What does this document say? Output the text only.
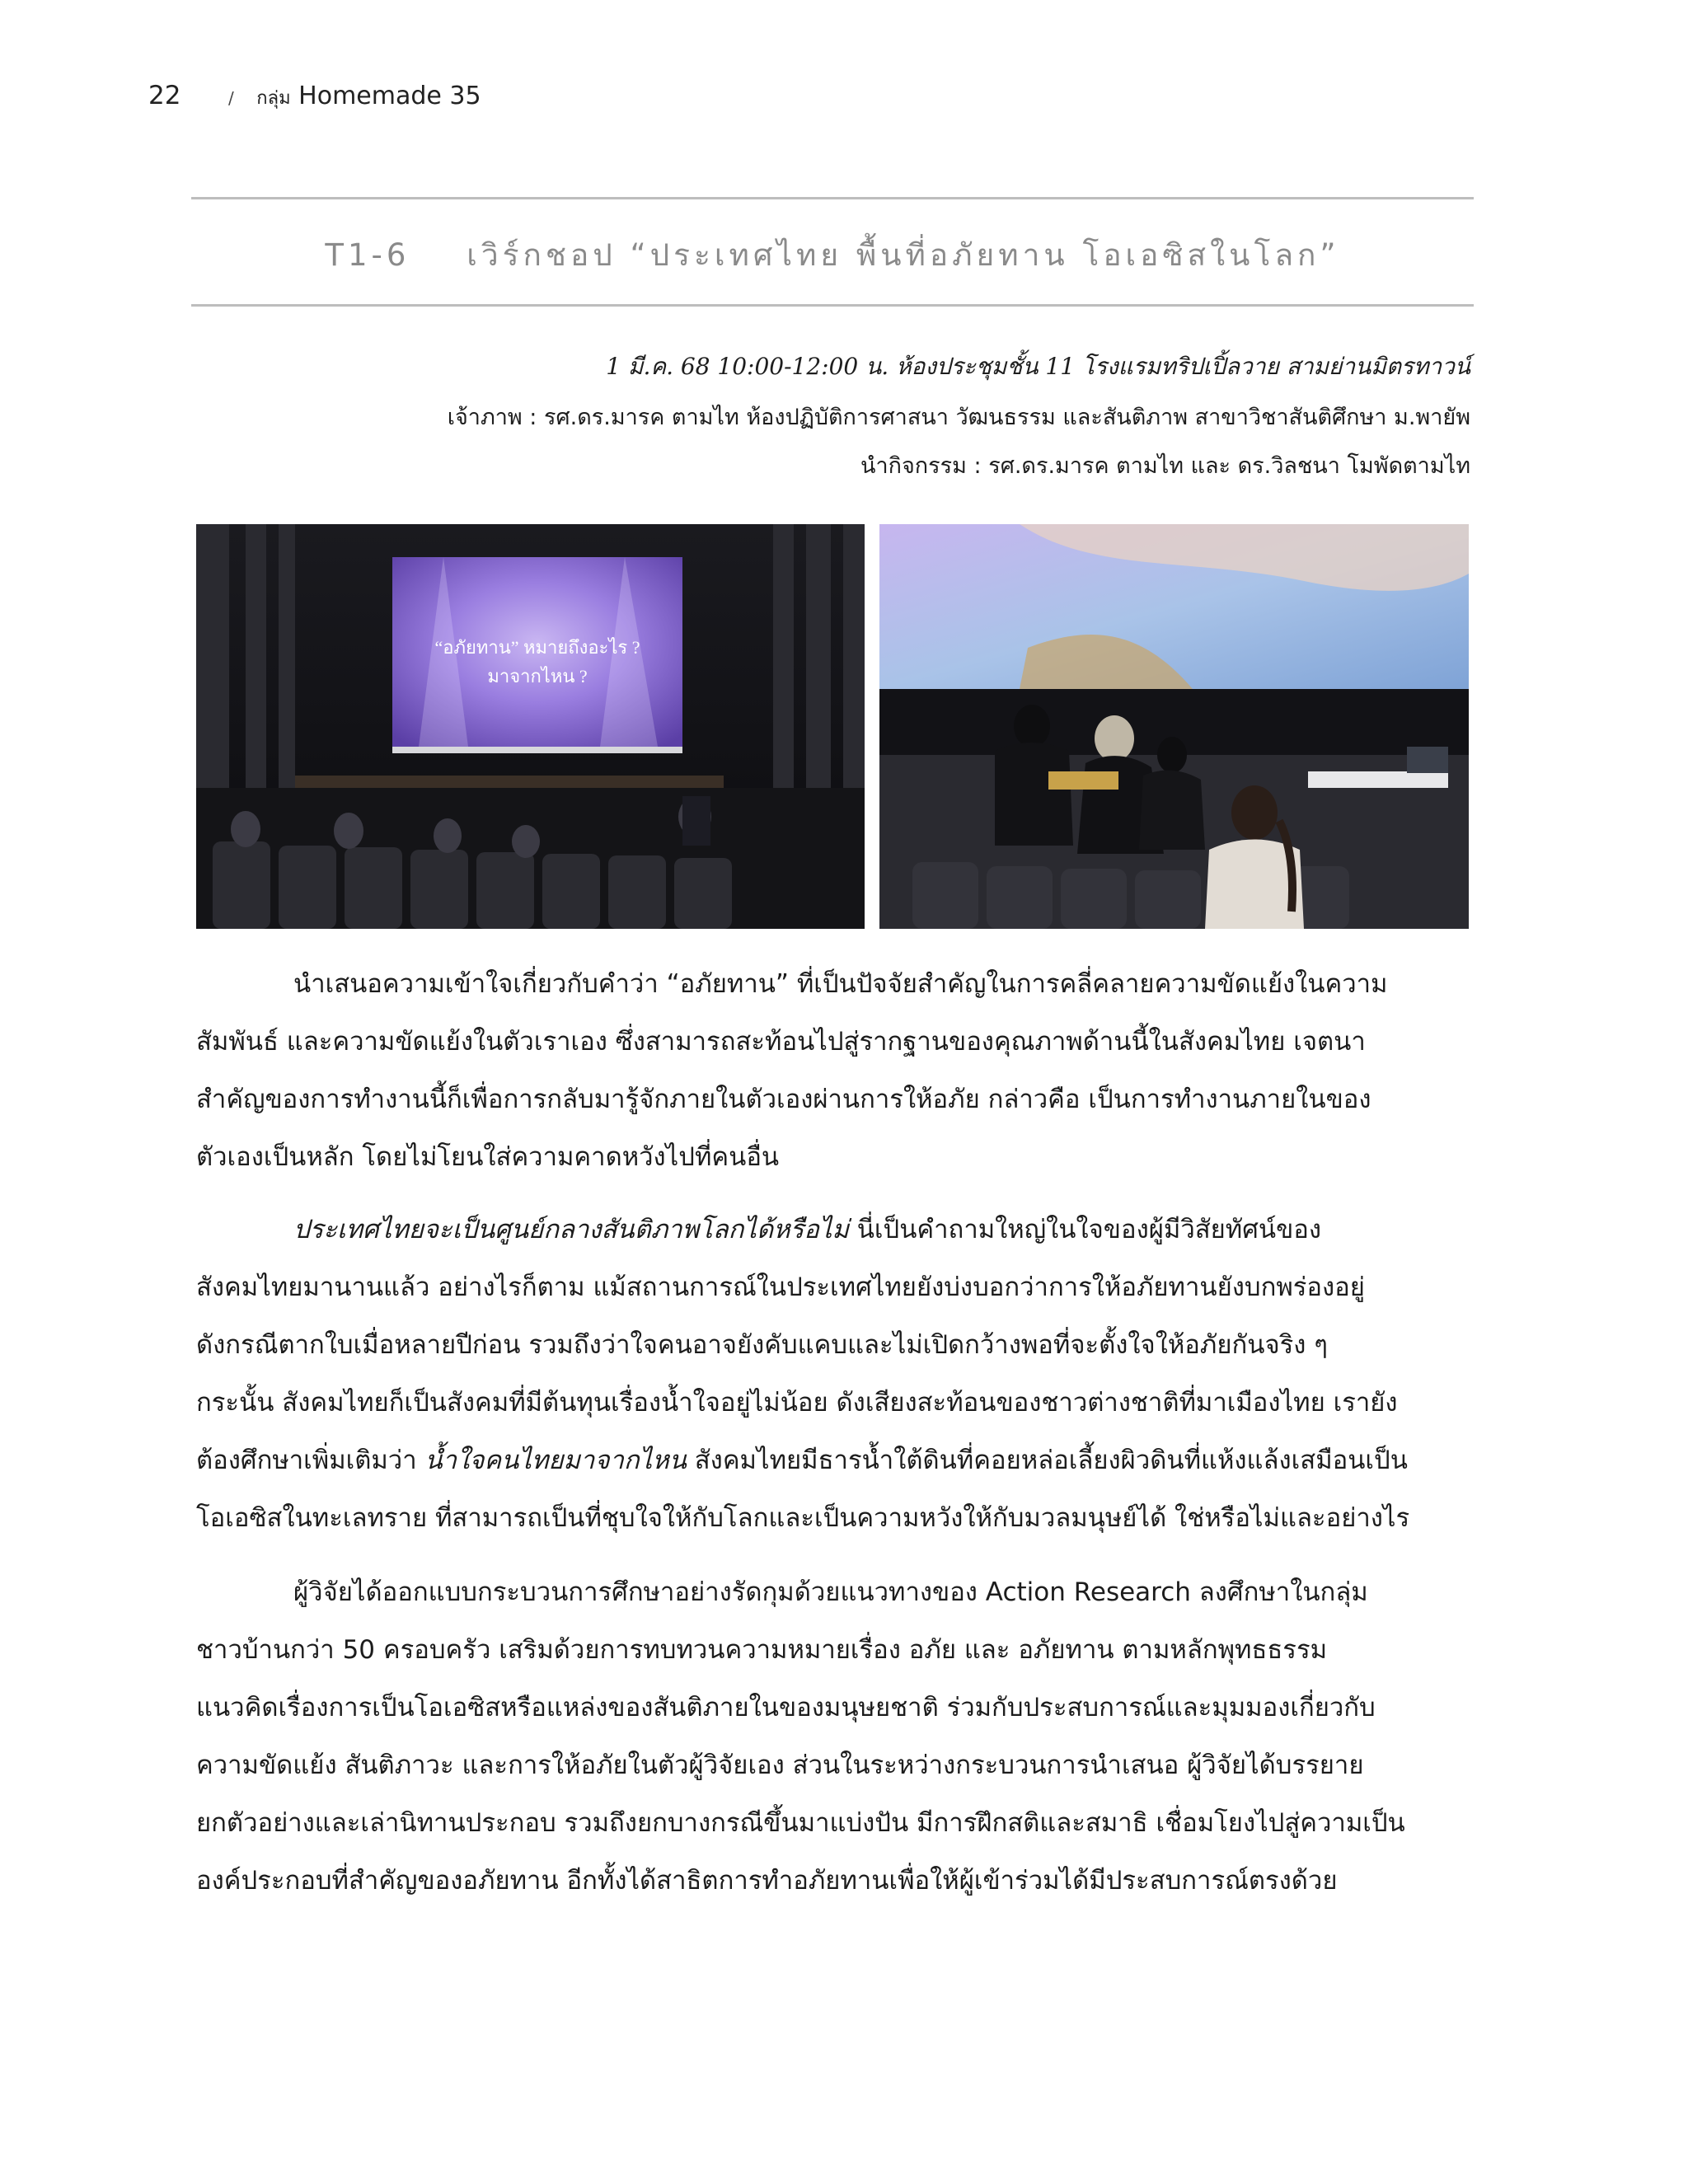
22	/ กลุ่ม Homemade 35
T1-6 เวิร์กชอป “ประเทศไทย พื้นที่อภัยทาน โอเอซิสในโลก”
1 มี.ค. 68 10:00-12:00 น. ห้องประชุมชั้น 11 โรงแรมทริปเปิ้ลวาย สามย่านมิตรทาวน์
เจ้าภาพ : รศ.ดร.มารค ตามไท ห้องปฏิบัติการศาสนา วัฒนธรรม และสันติภาพ สาขาวิชาสันติศึกษา ม.พายัพ
นำกิจกรรม : รศ.ดร.มารค ตามไท และ ดร.วิลชนา โมพัดตามไท
“อภัยทาน” หมายถึงอะไร ?
มาจากไหน ?
นำเสนอความเข้าใจเกี่ยวกับคำว่า “อภัยทาน” ที่เป็นปัจจัยสำคัญในการคลี่คลายความขัดแย้งในความ
สัมพันธ์ และความขัดแย้งในตัวเราเอง ซึ่งสามารถสะท้อนไปสู่รากฐานของคุณภาพด้านนี้ในสังคมไทย เจตนา
สำคัญของการทำงานนี้ก็เพื่อการกลับมารู้จักภายในตัวเองผ่านการให้อภัย กล่าวคือ เป็นการทำงานภายในของ
ตัวเองเป็นหลัก โดยไม่โยนใส่ความคาดหวังไปที่คนอื่น
ประเทศไทยจะเป็นศูนย์กลางสันติภาพโลกได้หรือไม่ นี่เป็นคำถามใหญ่ในใจของผู้มีวิสัยทัศน์ของ
สังคมไทยมานานแล้ว อย่างไรก็ตาม แม้สถานการณ์ในประเทศไทยยังบ่งบอกว่าการให้อภัยทานยังบกพร่องอยู่
ดังกรณีตากใบเมื่อหลายปีก่อน รวมถึงว่าใจคนอาจยังคับแคบและไม่เปิดกว้างพอที่จะตั้งใจให้อภัยกันจริง ๆ
กระนั้น สังคมไทยก็เป็นสังคมที่มีต้นทุนเรื่องน้ำใจอยู่ไม่น้อย ดังเสียงสะท้อนของชาวต่างชาติที่มาเมืองไทย เรายัง
ต้องศึกษาเพิ่มเติมว่า น้ำใจคนไทยมาจากไหน สังคมไทยมีธารน้ำใต้ดินที่คอยหล่อเลี้ยงผิวดินที่แห้งแล้งเสมือนเป็น
โอเอซิสในทะเลทราย ที่สามารถเป็นที่ชุบใจให้กับโลกและเป็นความหวังให้กับมวลมนุษย์ได้ ใช่หรือไม่และอย่างไร
ผู้วิจัยได้ออกแบบกระบวนการศึกษาอย่างรัดกุมด้วยแนวทางของ Action Research ลงศึกษาในกลุ่ม
ชาวบ้านกว่า 50 ครอบครัว เสริมด้วยการทบทวนความหมายเรื่อง อภัย และ อภัยทาน ตามหลักพุทธธรรม
แนวคิดเรื่องการเป็นโอเอซิสหรือแหล่งของสันติภายในของมนุษยชาติ ร่วมกับประสบการณ์และมุมมองเกี่ยวกับ
ความขัดแย้ง สันติภาวะ และการให้อภัยในตัวผู้วิจัยเอง ส่วนในระหว่างกระบวนการนำเสนอ ผู้วิจัยได้บรรยาย
ยกตัวอย่างและเล่านิทานประกอบ รวมถึงยกบางกรณีขึ้นมาแบ่งปัน มีการฝึกสติและสมาธิ เชื่อมโยงไปสู่ความเป็น
องค์ประกอบที่สำคัญของอภัยทาน อีกทั้งได้สาธิตการทำอภัยทานเพื่อให้ผู้เข้าร่วมได้มีประสบการณ์ตรงด้วย
